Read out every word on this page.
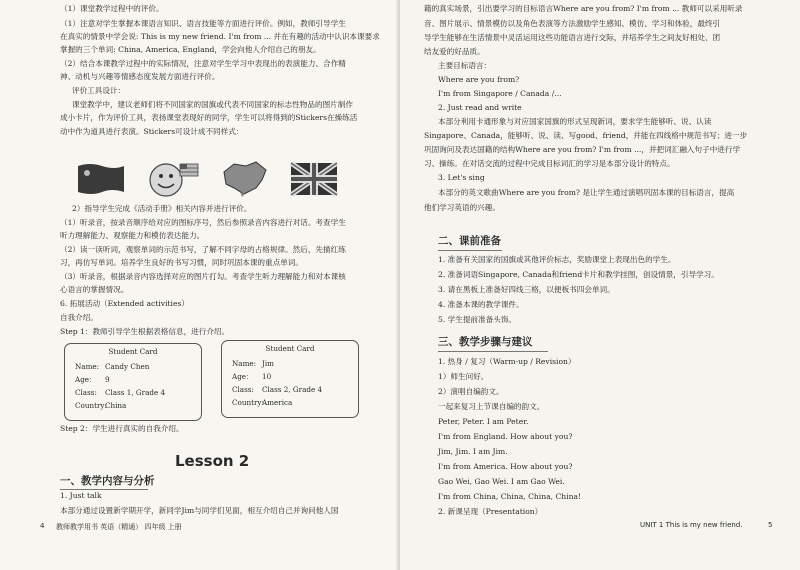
（1）课堂教学过程中的评价。
（1）注意对学生掌握本课语言知识、语言技能等方面进行评价。例如，教师引导学生
在真实的情景中学会说: This is my new friend. I'm from ... 并在有趣的活动中认识本课要求
掌握的三个单词: China, America, England，学会向他人介绍自己的朋友。
（2）结合本课教学过程中的实际情况，注意对学生学习中表现出的表演能力、合作精
神、动机与兴趣等情感态度发展方面进行评价。
评价工具设计：
课堂教学中，建议老师们将不同国家的国旗或代表不同国家的标志性物品的图片制作
成小卡片，作为评价工具，表扬课堂表现好的同学，学生可以将得到的Stickers在操练活
动中作为道具进行表演。Stickers可设计成不同样式：
2）指导学生完成《活动手册》相关内容并进行评价。
（1）听录音，按录音顺序给对应的图标序号，然后参照录音内容进行对话。考查学生
听力理解能力、观察能力和模仿表达能力。
（2）读一读听词，观察单词的示范书写，了解不同字母的占格规律。然后，先描红练
习，再仿写单词。培养学生良好的书写习惯，同时巩固本课的重点单词。
（3）听录音，根据录音内容选择对应的图片打勾。考查学生听力理解能力和对本课核
心语言的掌握情况。
6. 拓展活动（Extended activities）
自我介绍。
Step 1：教师引导学生根据表格信息，进行介绍。
Student Card
Name: Candy Chen
Age： 9
Class: Class 1, Grade 4
Country:China
Student Card
Name: Jim
Age： 10
Class: Class 2, Grade 4
Country:America
Step 2：学生进行真实的自我介绍。
Lesson 2
一、教学内容与分析
1. Just talk
本部分通过设置新学期开学，新同学Jim与同学们见面，相互介绍自己并询问他人国
4 教师教学用书 英语（精通） 四年级 上册
籍的真实场景，引出要学习的目标语言Where are you from? I'm from ... 教师可以采用听录
音、图片展示、情景模仿以及角色表演等方法激励学生感知、模仿、学习和体验，最终引
导学生能够在生活情景中灵活运用这些功能语言进行交际，并培养学生之间友好相处、团
结友爱的好品质。
主要目标语言：
Where are you from?
I'm from Singapore / Canada /...
2. Just read and write
本部分利用卡通形象与对应国家国旗的形式呈现新词，要求学生能够听、说、认读
Singapore、Canada，能够听、说、读、写good、friend，并能在四线格中规范书写；进一步
巩固询问及表达国籍的结构Where are you from? I'm from ...，并把词汇融入句子中进行学
习、操练。在对话交流的过程中完成目标词汇的学习是本部分设计的特点。
3. Let's sing
本部分的英文歌曲Where are you from? 是让学生通过演唱巩固本课的目标语言，提高
他们学习英语的兴趣。
二、课前准备
1. 准备有关国家的国旗或其他评价标志，奖励课堂上表现出色的学生。
2. 准备词语Singapore, Canada和friend卡片和教学挂图，创设情景，引导学习。
3. 请在黑板上准备好四线三格，以便板书四会单词。
4. 准备本课的教学课件。
5. 学生提前准备头饰。
三、教学步骤与建议
1. 热身 / 复习（Warm-up / Revision）
1）师生问好。
2）演唱自编韵文。
一起来复习上节课自编的韵文。
Peter, Peter. I am Peter.
I'm from England. How about you?
Jim, Jim. I am Jim.
I'm from America. How about you?
Gao Wei, Gao Wei. I am Gao Wei.
I'm from China, China, China, China!
2. 新课呈现（Presentation）
UNIT 1 This is my new friend.	5
